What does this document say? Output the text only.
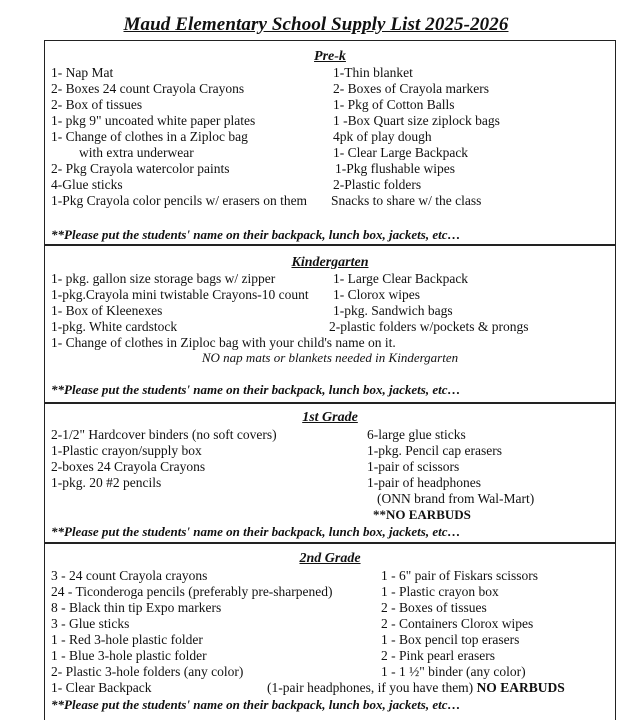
Maud Elementary School Supply List 2025-2026
Pre-k
1- Nap Mat
2- Boxes 24 count Crayola Crayons
2- Box of tissues
1- pkg 9" uncoated white paper plates
1- Change of clothes in a Ziploc bag
with extra underwear
2- Pkg Crayola watercolor paints
4-Glue sticks
1-Pkg Crayola color pencils w/ erasers on them
1-Thin blanket
2- Boxes of Crayola markers
1- Pkg of Cotton Balls
1 -Box Quart size ziplock bags
4pk of play dough
1- Clear Large Backpack
1-Pkg flushable wipes
2-Plastic folders
Snacks to share w/ the class
**Please put the students' name on their backpack, lunch box, jackets, etc…
Kindergarten
1- pkg. gallon size storage bags w/ zipper
1-pkg.Crayola mini twistable Crayons-10 count
1- Box of Kleenexes
1-pkg. White cardstock
1- Change of clothes in Ziploc bag with your child's name on it.
1- Large Clear Backpack
1- Clorox wipes
1-pkg. Sandwich bags
2-plastic folders w/pockets & prongs
NO nap mats or blankets needed in Kindergarten
**Please put the students' name on their backpack, lunch box, jackets, etc…
1st Grade
2-1/2" Hardcover binders (no soft covers)
1-Plastic crayon/supply box
2-boxes 24 Crayola Crayons
1-pkg. 20 #2 pencils
6-large glue sticks
1-pkg. Pencil cap erasers
1-pair of scissors
1-pair of headphones
(ONN brand from Wal-Mart)
**NO EARBUDS
**Please put the students' name on their backpack, lunch box, jackets, etc…
2nd Grade
3 - 24 count Crayola crayons
24 - Ticonderoga pencils (preferably pre-sharpened)
8 - Black thin tip Expo markers
3 - Glue sticks
1 - Red 3-hole plastic folder
1 - Blue 3-hole plastic folder
2- Plastic 3-hole folders (any color)
1- Clear Backpack
1 - 6" pair of Fiskars scissors
1 - Plastic crayon box
2 - Boxes of tissues
2 - Containers Clorox wipes
1 - Box pencil top erasers
2 - Pink pearl erasers
1 - 1 ½" binder (any color)
(1-pair headphones, if you have them) NO EARBUDS
**Please put the students' name on their backpack, lunch box, jackets, etc…
